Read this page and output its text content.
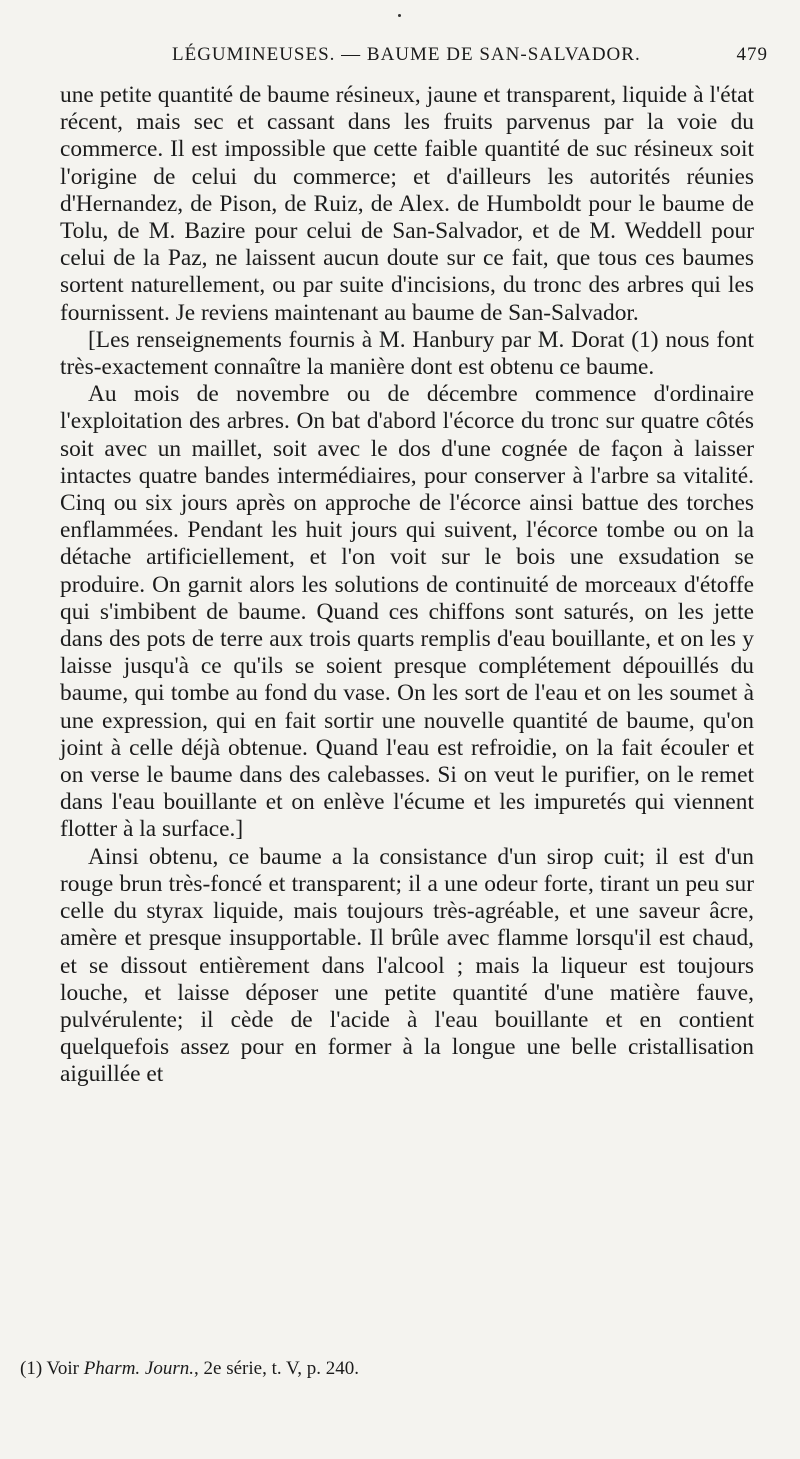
LÉGUMINEUSES. — BAUME DE SAN-SALVADOR.	479

une petite quantité de baume résineux, jaune et transparent, liquide à l'état récent, mais sec et cassant dans les fruits parvenus par la voie du commerce. Il est impossible que cette faible quantité de suc résineux soit l'origine de celui du commerce; et d'ailleurs les autorités réunies d'Hernandez, de Pison, de Ruiz, de Alex. de Humboldt pour le baume de Tolu, de M. Bazire pour celui de San-Salvador, et de M. Weddell pour celui de la Paz, ne laissent aucun doute sur ce fait, que tous ces baumes sortent naturellement, ou par suite d'incisions, du tronc des arbres qui les fournissent. Je reviens maintenant au baume de San-Salvador.

[Les renseignements fournis à M. Hanbury par M. Dorat (1) nous font très-exactement connaître la manière dont est obtenu ce baume.

Au mois de novembre ou de décembre commence d'ordinaire l'exploitation des arbres. On bat d'abord l'écorce du tronc sur quatre côtés soit avec un maillet, soit avec le dos d'une cognée de façon à laisser intactes quatre bandes intermédiaires, pour conserver à l'arbre sa vitalité. Cinq ou six jours après on approche de l'écorce ainsi battue des torches enflammées. Pendant les huit jours qui suivent, l'écorce tombe ou on la détache artificiellement, et l'on voit sur le bois une exsudation se produire. On garnit alors les solutions de continuité de morceaux d'étoffe qui s'imbibent de baume. Quand ces chiffons sont saturés, on les jette dans des pots de terre aux trois quarts remplis d'eau bouillante, et on les y laisse jusqu'à ce qu'ils se soient presque complétement dépouillés du baume, qui tombe au fond du vase. On les sort de l'eau et on les soumet à une expression, qui en fait sortir une nouvelle quantité de baume, qu'on joint à celle déjà obtenue. Quand l'eau est refroidie, on la fait écouler et on verse le baume dans des calebasses. Si on veut le purifier, on le remet dans l'eau bouillante et on enlève l'écume et les impuretés qui viennent flotter à la surface.]

Ainsi obtenu, ce baume a la consistance d'un sirop cuit; il est d'un rouge brun très-foncé et transparent; il a une odeur forte, tirant un peu sur celle du styrax liquide, mais toujours très-agréable, et une saveur âcre, amère et presque insupportable. Il brûle avec flamme lorsqu'il est chaud, et se dissout entièrement dans l'alcool ; mais la liqueur est toujours louche, et laisse déposer une petite quantité d'une matière fauve, pulvérulente; il cède de l'acide à l'eau bouillante et en contient quelquefois assez pour en former à la longue une belle cristallisation aiguillée et

(1) Voir Pharm. Journ., 2e série, t. V, p. 240.
